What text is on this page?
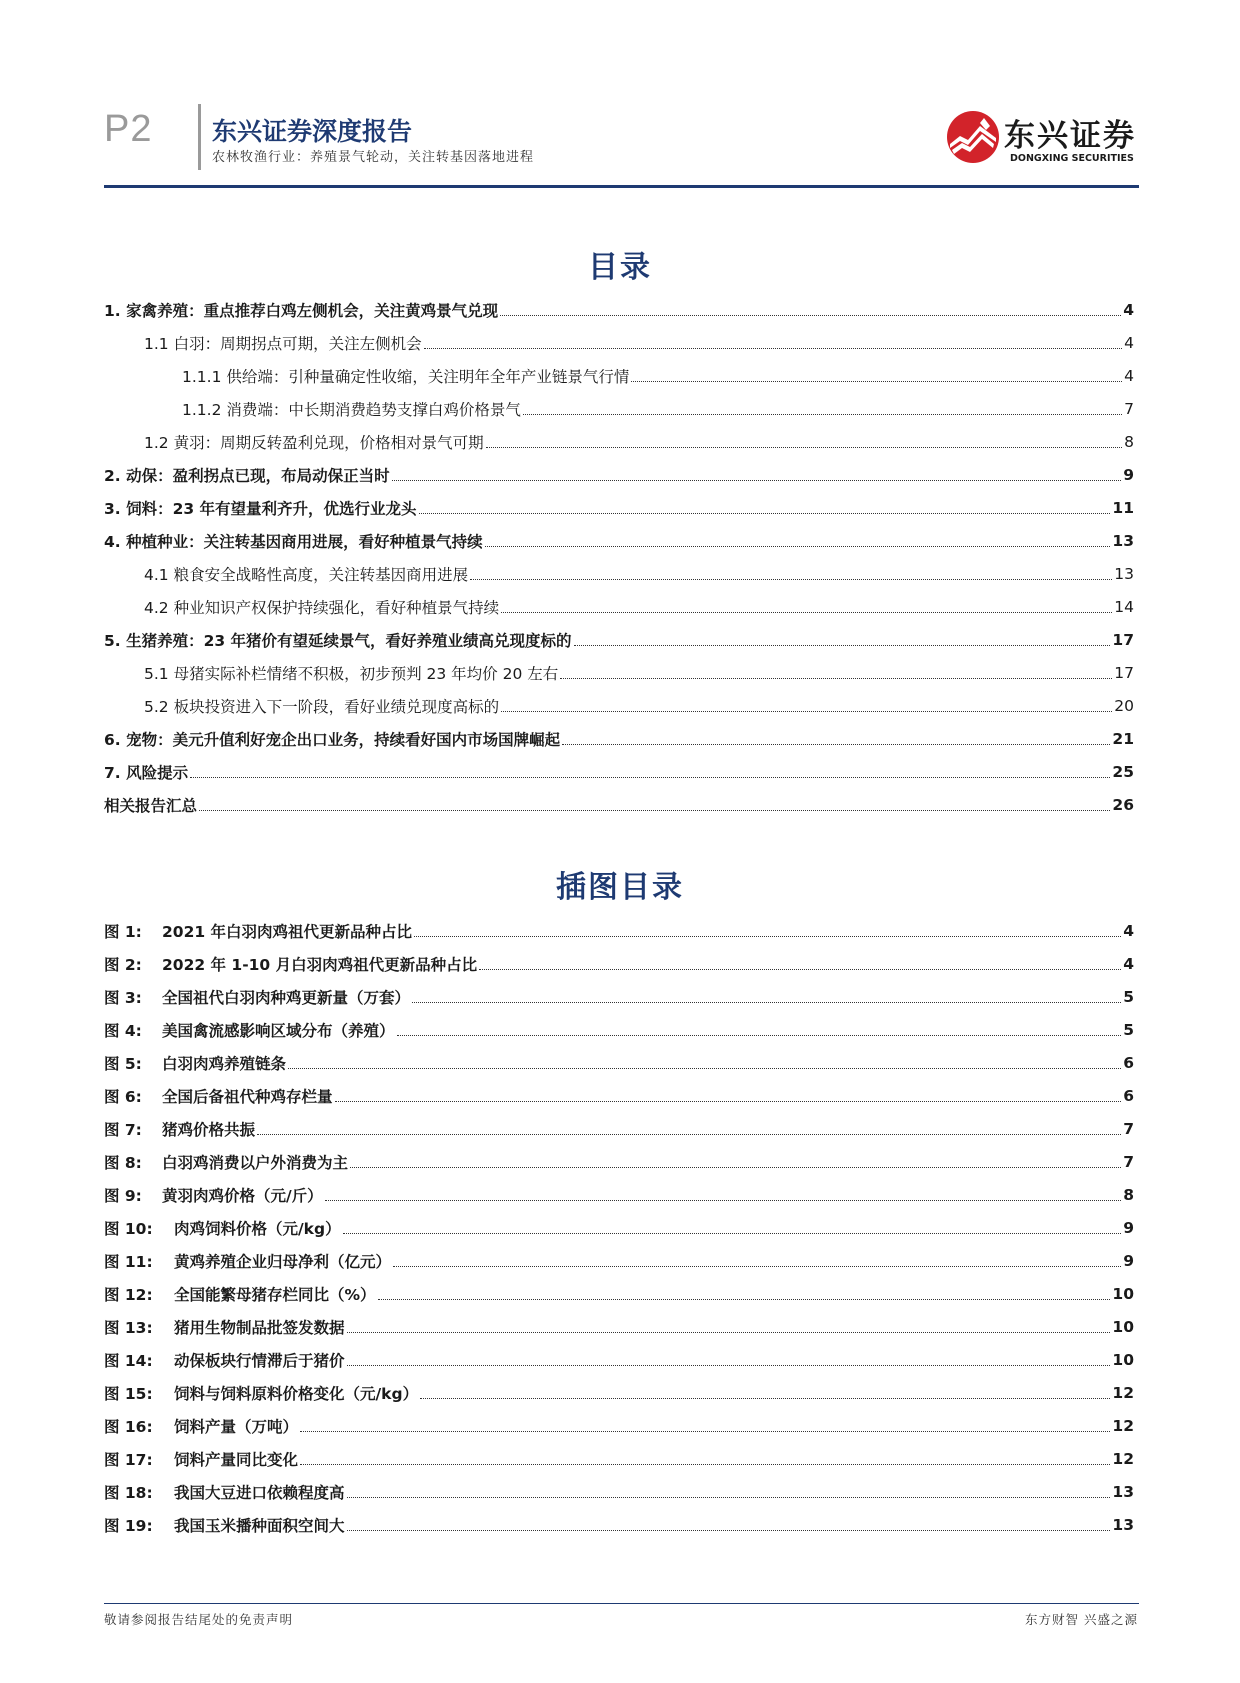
P2 东兴证券深度报告
农林牧渔行业：养殖景气轮动，关注转基因落地进程
东兴证券
DONGXING SECURITIES
目录
1. 家禽养殖：重点推荐白鸡左侧机会，关注黄鸡景气兑现	4
1.1 白羽：周期拐点可期，关注左侧机会	4
1.1.1 供给端：引种量确定性收缩，关注明年全年产业链景气行情	4
1.1.2 消费端：中长期消费趋势支撑白鸡价格景气	7
1.2 黄羽：周期反转盈利兑现，价格相对景气可期	8
2. 动保：盈利拐点已现，布局动保正当时	9
3. 饲料：23 年有望量利齐升，优选行业龙头	11
4. 种植种业：关注转基因商用进展，看好种植景气持续	13
4.1 粮食安全战略性高度，关注转基因商用进展	13
4.2 种业知识产权保护持续强化，看好种植景气持续	14
5. 生猪养殖：23 年猪价有望延续景气，看好养殖业绩高兑现度标的	17
5.1 母猪实际补栏情绪不积极，初步预判 23 年均价 20 左右	17
5.2 板块投资进入下一阶段，看好业绩兑现度高标的	20
6. 宠物：美元升值利好宠企出口业务，持续看好国内市场国牌崛起	21
7. 风险提示	25
相关报告汇总	26
插图目录
图 1: 2021 年白羽肉鸡祖代更新品种占比	4
图 2: 2022 年 1-10 月白羽肉鸡祖代更新品种占比	4
图 3: 全国祖代白羽肉种鸡更新量（万套）	5
图 4: 美国禽流感影响区域分布（养殖）	5
图 5: 白羽肉鸡养殖链条	6
图 6: 全国后备祖代种鸡存栏量	6
图 7: 猪鸡价格共振	7
图 8: 白羽鸡消费以户外消费为主	7
图 9: 黄羽肉鸡价格（元/斤）	8
图 10: 肉鸡饲料价格（元/kg）	9
图 11: 黄鸡养殖企业归母净利（亿元）	9
图 12: 全国能繁母猪存栏同比（%）	10
图 13: 猪用生物制品批签发数据	10
图 14: 动保板块行情滞后于猪价	10
图 15: 饲料与饲料原料价格变化（元/kg）	12
图 16: 饲料产量（万吨）	12
图 17: 饲料产量同比变化	12
图 18: 我国大豆进口依赖程度高	13
图 19: 我国玉米播种面积空间大	13
敬请参阅报告结尾处的免责声明	东方财智 兴盛之源
